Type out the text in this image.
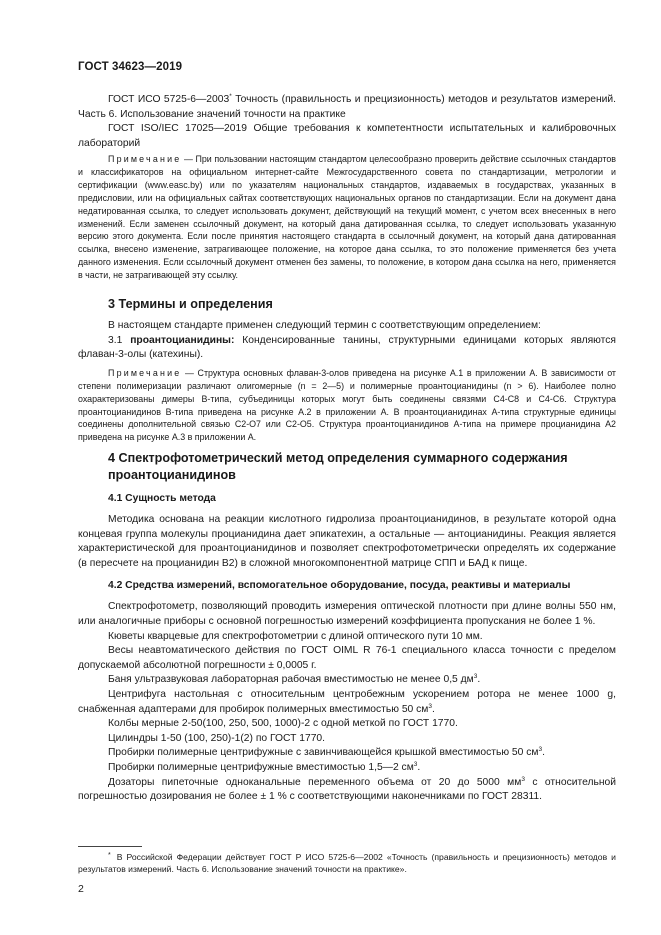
ГОСТ 34623—2019

ГОСТ ИСО 5725-6—2003* Точность (правильность и прецизионность) методов и результатов измерений. Часть 6. Использование значений точности на практике

ГОСТ ISO/IEC 17025—2019 Общие требования к компетентности испытательных и калибровочных лабораторий

Примечание — При пользовании настоящим стандартом целесообразно проверить действие ссылочных стандартов и классификаторов на официальном интернет-сайте Межгосударственного совета по стандартизации, метрологии и сертификации (www.easc.by) или по указателям национальных стандартов, издаваемых в государствах, указанных в предисловии, или на официальных сайтах соответствующих национальных органов по стандартизации. Если на документ дана недатированная ссылка, то следует использовать документ, действующий на текущий момент, с учетом всех внесенных в него изменений. Если заменен ссылочный документ, на который дана датированная ссылка, то следует использовать указанную версию этого документа. Если после принятия настоящего стандарта в ссылочный документ, на который дана датированная ссылка, внесено изменение, затрагивающее положение, на которое дана ссылка, то это положение применяется без учета данного изменения. Если ссылочный документ отменен без замены, то положение, в котором дана ссылка на него, применяется в части, не затрагивающей эту ссылку.

3 Термины и определения

В настоящем стандарте применен следующий термин с соответствующим определением:

3.1 проантоцианидины: Конденсированные танины, структурными единицами которых являются флаван-3-олы (катехины).

Примечание — Структура основных флаван-3-олов приведена на рисунке А.1 в приложении А. В зависимости от степени полимеризации различают олигомерные (n = 2—5) и полимерные проантоцианидины (n > 6). Наиболее полно охарактеризованы димеры B-типа, субъединицы которых могут быть соединены связями С4-С8 и С4-С6. Структура проантоцианидинов B-типа приведена на рисунке А.2 в приложении А. В проантоцианидинах А-типа структурные единицы соединены дополнительной связью С2-О7 или С2-О5. Структура проантоцианидинов А-типа на примере процианидина А2 приведена на рисунке А.3 в приложении А.

4 Спектрофотометрический метод определения суммарного содержания проантоцианидинов
4.1 Сущность метода

Методика основана на реакции кислотного гидролиза проантоцианидинов, в результате которой одна концевая группа молекулы процианидина дает эпикатехин, а остальные — антоцианидины. Реакция является характеристической для проантоцианидинов и позволяет спектрофотометрически определять их содержание (в пересчете на процианидин В2) в сложной многокомпонентной матрице СПП и БАД к пище.

4.2 Средства измерений, вспомогательное оборудование, посуда, реактивы и материалы

Спектрофотометр, позволяющий проводить измерения оптической плотности при длине волны 550 нм, или аналогичные приборы с основной погрешностью измерений коэффициента пропускания не более 1 %.

Кюветы кварцевые для спектрофотометрии с длиной оптического пути 10 мм.

Весы неавтоматического действия по ГОСТ OIML R 76-1 специального класса точности с пределом допускаемой абсолютной погрешности ± 0,0005 г.

Баня ультразвуковая лабораторная рабочая вместимостью не менее 0,5 $дм^3$.

Центрифуга настольная с относительным центробежным ускорением ротора не менее 1000 g, снабженная адаптерами для пробирок полимерных вместимостью 50 $см^3$.

Колбы мерные 2-50(100, 250, 500, 1000)-2 с одной меткой по ГОСТ 1770.

Цилиндры 1-50 (100, 250)-1(2) по ГОСТ 1770.

Пробирки полимерные центрифужные с завинчивающейся крышкой вместимостью 50 $см^3$.

Пробирки полимерные центрифужные вместимостью 1,5—2 $см^3$.

Дозаторы пипеточные одноканальные переменного объема от 20 до 5000 $мм^3$ с относительной погрешностью дозирования не более ± 1 % с соответствующими наконечниками по ГОСТ 28311.

* В Российской Федерации действует ГОСТ Р ИСО 5725-6—2002 «Точность (правильность и прецизионность) методов и результатов измерений. Часть 6. Использование значений точности на практике».

2
